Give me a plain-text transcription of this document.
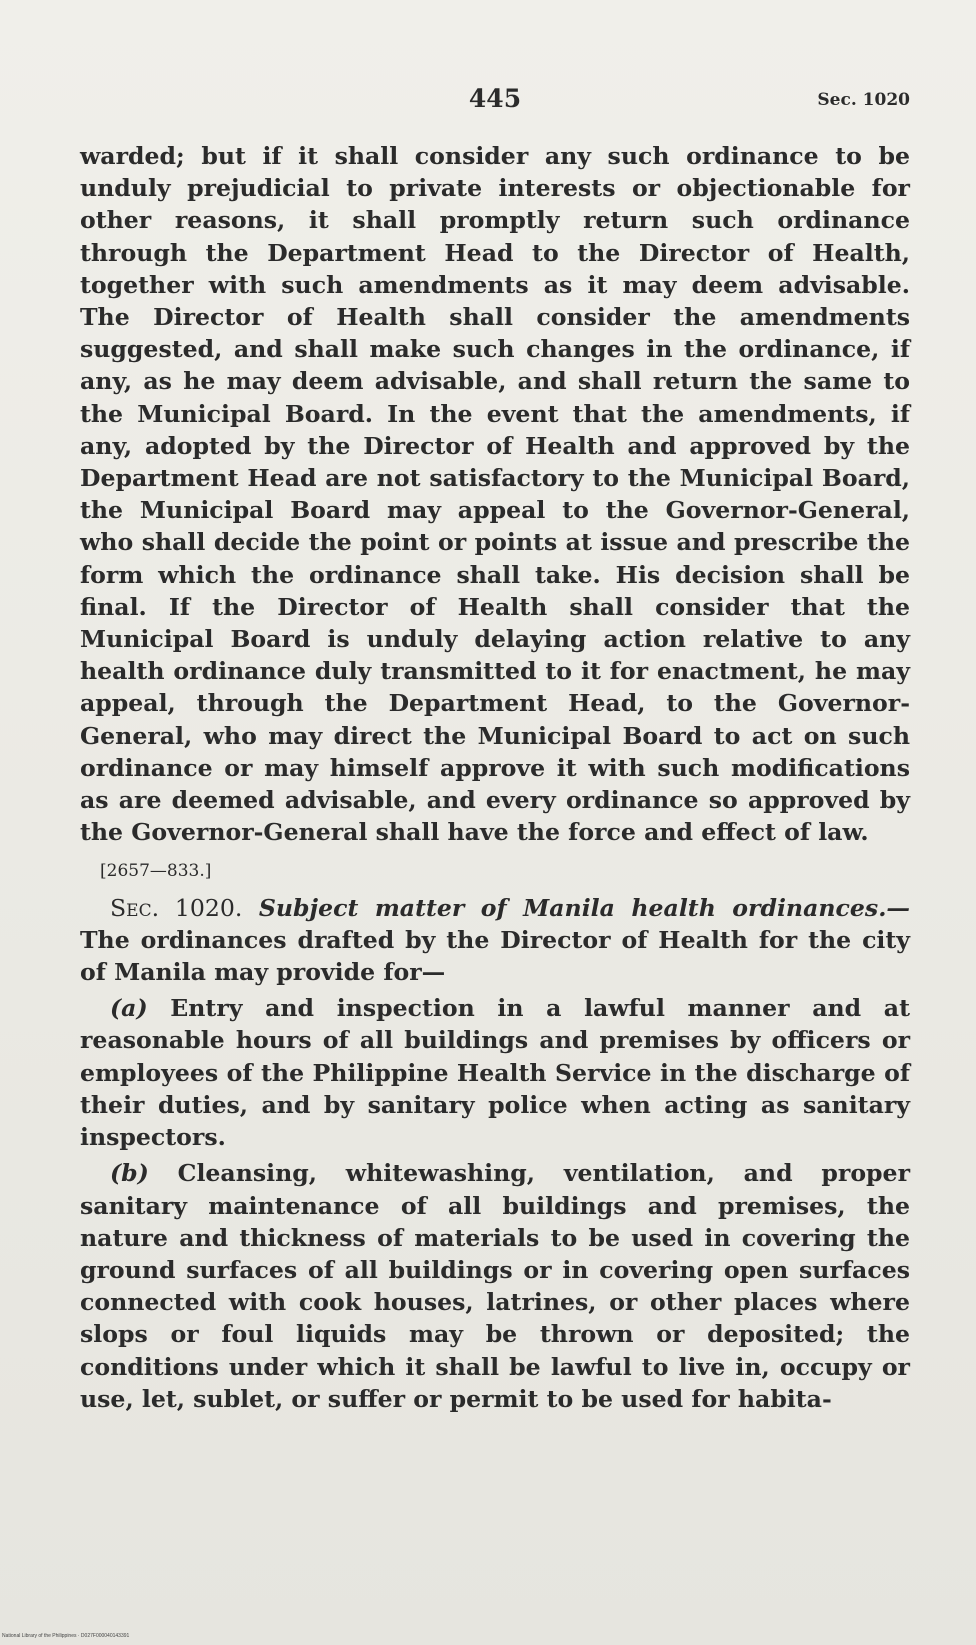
445	Sec. 1020

warded; but if it shall consider any such ordinance to be unduly prejudicial to private interests or objectionable for other reasons, it shall promptly return such ordinance through the Department Head to the Director of Health, together with such amendments as it may deem advisable. The Director of Health shall consider the amendments suggested, and shall make such changes in the ordinance, if any, as he may deem advisable, and shall return the same to the Municipal Board. In the event that the amendments, if any, adopted by the Director of Health and approved by the Department Head are not satisfactory to the Municipal Board, the Municipal Board may appeal to the Governor-General, who shall decide the point or points at issue and prescribe the form which the ordinance shall take. His decision shall be final. If the Director of Health shall consider that the Municipal Board is unduly delaying action relative to any health ordinance duly transmitted to it for enactment, he may appeal, through the Department Head, to the Governor-General, who may direct the Municipal Board to act on such ordinance or may himself approve it with such modifications as are deemed advisable, and every ordinance so approved by the Governor-General shall have the force and effect of law.

[2657—833.]

Sec. 1020. Subject matter of Manila health ordinances.— The ordinances drafted by the Director of Health for the city of Manila may provide for—

(a) Entry and inspection in a lawful manner and at reasonable hours of all buildings and premises by officers or employees of the Philippine Health Service in the discharge of their duties, and by sanitary police when acting as sanitary inspectors.

(b) Cleansing, whitewashing, ventilation, and proper sanitary maintenance of all buildings and premises, the nature and thickness of materials to be used in covering the ground surfaces of all buildings or in covering open surfaces connected with cook houses, latrines, or other places where slops or foul liquids may be thrown or deposited; the conditions under which it shall be lawful to live in, occupy or use, let, sublet, or suffer or permit to be used for habita-

National Library of the Philippines · D027F000040143391
